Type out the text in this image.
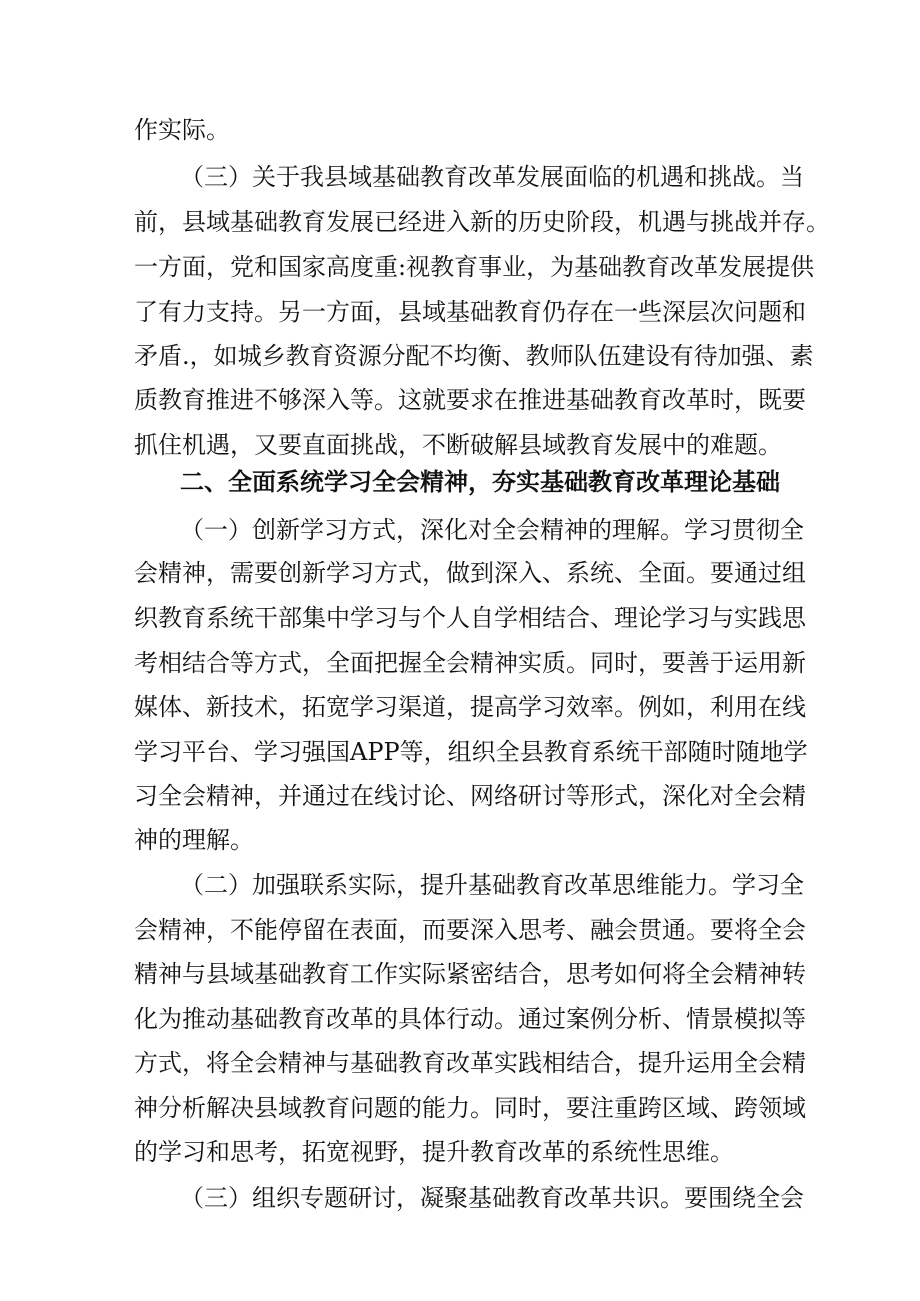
作实际。

（三）关于我县域基础教育改革发展面临的机遇和挑战。当

前，县域基础教育发展已经进入新的历史阶段，机遇与挑战并存。

一方面，党和国家高度重:视教育事业，为基础教育改革发展提供

了有力支持。另一方面，县域基础教育仍存在一些深层次问题和

矛盾.，如城乡教育资源分配不均衡、教师队伍建设有待加强、素

质教育推进不够深入等。这就要求在推进基础教育改革时，既要

抓住机遇，又要直面挑战，不断破解县域教育发展中的难题。

二、全面系统学习全会精神，夯实基础教育改革理论基础

（一）创新学习方式，深化对全会精神的理解。学习贯彻全

会精神，需要创新学习方式，做到深入、系统、全面。要通过组

织教育系统干部集中学习与个人自学相结合、理论学习与实践思

考相结合等方式，全面把握全会精神实质。同时，要善于运用新

媒体、新技术，拓宽学习渠道，提高学习效率。例如，利用在线

学习平台、学习强国APP等，组织全县教育系统干部随时随地学

习全会精神，并通过在线讨论、网络研讨等形式，深化对全会精

神的理解。

（二）加强联系实际，提升基础教育改革思维能力。学习全

会精神，不能停留在表面，而要深入思考、融会贯通。要将全会

精神与县域基础教育工作实际紧密结合，思考如何将全会精神转

化为推动基础教育改革的具体行动。通过案例分析、情景模拟等

方式，将全会精神与基础教育改革实践相结合，提升运用全会精

神分析解决县域教育问题的能力。同时，要注重跨区域、跨领域

的学习和思考，拓宽视野，提升教育改革的系统性思维。

（三）组织专题研讨，凝聚基础教育改革共识。要围绕全会
